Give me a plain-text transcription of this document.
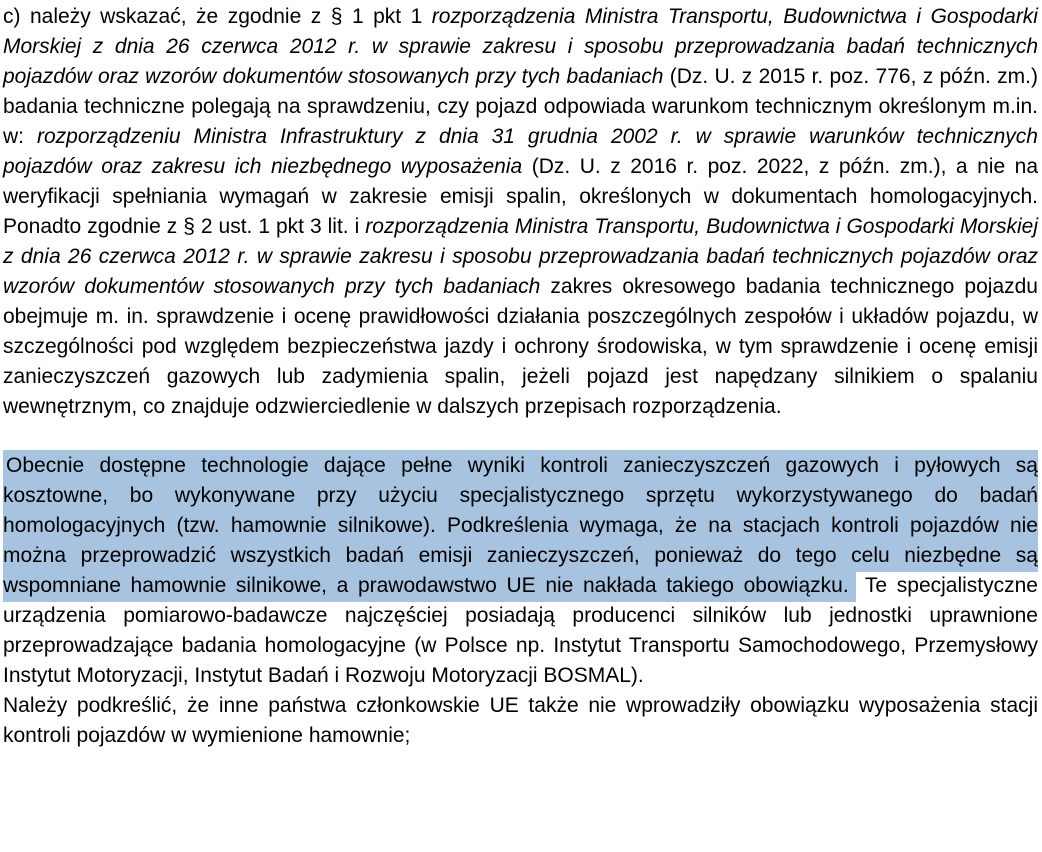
c) należy wskazać, że zgodnie z § 1 pkt 1 rozporządzenia Ministra Transportu, Budownictwa i Gospodarki Morskiej z dnia 26 czerwca 2012 r. w sprawie zakresu i sposobu przeprowadzania badań technicznych pojazdów oraz wzorów dokumentów stosowanych przy tych badaniach (Dz. U. z 2015 r. poz. 776, z późn. zm.) badania techniczne polegają na sprawdzeniu, czy pojazd odpowiada warunkom technicznym określonym m.in. w: rozporządzeniu Ministra Infrastruktury z dnia 31 grudnia 2002 r. w sprawie warunków technicznych pojazdów oraz zakresu ich niezbędnego wyposażenia (Dz. U. z 2016 r. poz. 2022, z późn. zm.), a nie na weryfikacji spełniania wymagań w zakresie emisji spalin, określonych w dokumentach homologacyjnych. Ponadto zgodnie z § 2 ust. 1 pkt 3 lit. i rozporządzenia Ministra Transportu, Budownictwa i Gospodarki Morskiej z dnia 26 czerwca 2012 r. w sprawie zakresu i sposobu przeprowadzania badań technicznych pojazdów oraz wzorów dokumentów stosowanych przy tych badaniach zakres okresowego badania technicznego pojazdu obejmuje m. in. sprawdzenie i ocenę prawidłowości działania poszczególnych zespołów i układów pojazdu, w szczególności pod względem bezpieczeństwa jazdy i ochrony środowiska, w tym sprawdzenie i ocenę emisji zanieczyszczeń gazowych lub zadymienia spalin, jeżeli pojazd jest napędzany silnikiem o spalaniu wewnętrznym, co znajduje odzwierciedlenie w dalszych przepisach rozporządzenia.

Obecnie dostępne technologie dające pełne wyniki kontroli zanieczyszczeń gazowych i pyłowych są kosztowne, bo wykonywane przy użyciu specjalistycznego sprzętu wykorzystywanego do badań homologacyjnych (tzw. hamownie silnikowe). Podkreślenia wymaga, że na stacjach kontroli pojazdów nie można przeprowadzić wszystkich badań emisji zanieczyszczeń, ponieważ do tego celu niezbędne są wspomniane hamownie silnikowe, a prawodawstwo UE nie nakłada takiego obowiązku. Te specjalistyczne urządzenia pomiarowo-badawcze najczęściej posiadają producenci silników lub jednostki uprawnione przeprowadzające badania homologacyjne (w Polsce np. Instytut Transportu Samochodowego, Przemysłowy Instytut Motoryzacji, Instytut Badań i Rozwoju Motoryzacji BOSMAL).

Należy podkreślić, że inne państwa członkowskie UE także nie wprowadziły obowiązku wyposażenia stacji kontroli pojazdów w wymienione hamownie;
